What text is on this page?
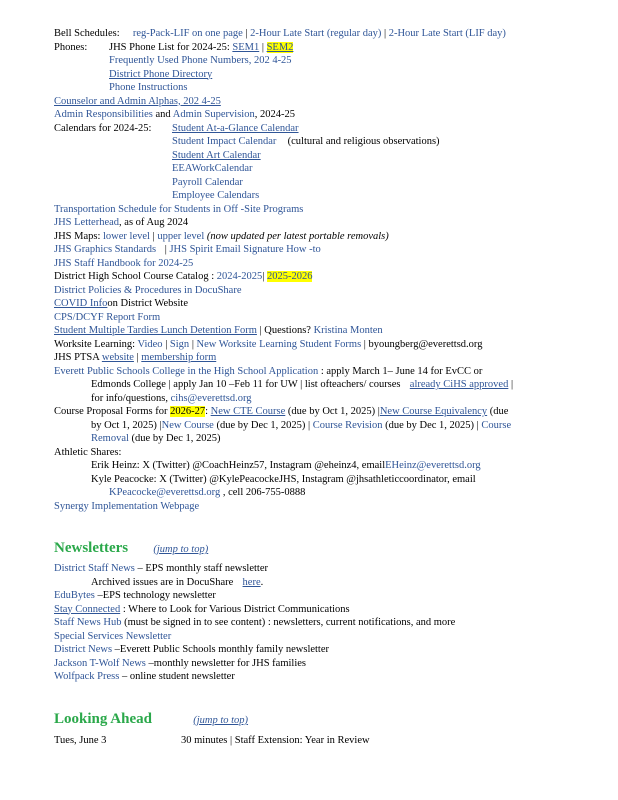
Bell Schedules: reg-Pack-LIF on one page | 2-Hour Late Start (regular day) | 2-Hour Late Start (LIF day)
Phones: JHS Phone List for 2024-25: SEM1 | SEM2
Frequently Used Phone Numbers, 202 4-25
District Phone Directory
Phone Instructions
Counselor and Admin Alphas, 202 4-25
Admin Responsibilities and Admin Supervision, 2024-25
Calendars for 2024-25: Student At-a-Glance Calendar
Student Impact Calendar (cultural and religious observations)
Student Art Calendar
EEAWorkCalendar
Payroll Calendar
Employee Calendars
Transportation Schedule for Students in Off -Site Programs
JHS Letterhead, as of Aug 2024
JHS Maps: lower level | upper level (now updated per latest portable removals)
JHS Graphics Standards | JHS Spirit Email Signature How -to
JHS Staff Handbook for 2024-25
District High School Course Catalog : 2024-2025| 2025-2026
District Policies & Procedures in DocuShare
COVID Infoon District Website
CPS/DCYF Report Form
Student Multiple Tardies Lunch Detention Form | Questions? Kristina Monten
Worksite Learning: Video | Sign | New Worksite Learning Student Forms | byoungberg@everettsd.org
JHS PTSA website | membership form
Everett Public Schools College in the High School Application : apply March 1– June 14 for EvCC or
Edmonds College | apply Jan 10 –Feb 11 for UW | list ofteachers/ courses already CiHS approved |
for info/questions, cihs@everettsd.org
Course Proposal Forms for 2026-27: New CTE Course (due by Oct 1, 2025) |New Course Equivalency (due
by Oct 1, 2025) |New Course (due by Dec 1, 2025) | Course Revision (due by Dec 1, 2025) | Course
Removal (due by Dec 1, 2025)
Athletic Shares:
Erik Heinz: X (Twitter) @CoachHeinz57, Instagram @eheinz4, emailEHeinz@everettsd.org
Kyle Peacocke: X (Twitter) @KylePeacockeJHS, Instagram @jhsathleticcoordinator, email
KPeacocke@everettsd.org , cell 206-755-0888
Synergy Implementation Webpage
Newsletters (jump to top)
District Staff News – EPS monthly staff newsletter
Archived issues are in DocuShare here.
EduBytes –EPS technology newsletter
Stay Connected : Where to Look for Various District Communications
Staff News Hub (must be signed in to see content) : newsletters, current notifications, and more
Special Services Newsletter
District News –Everett Public Schools monthly family newsletter
Jackson T-Wolf News –monthly newsletter for JHS families
Wolfpack Press – online student newsletter
Looking Ahead	(jump to top)
Tues, June 3	30 minutes | Staff Extension: Year in Review
